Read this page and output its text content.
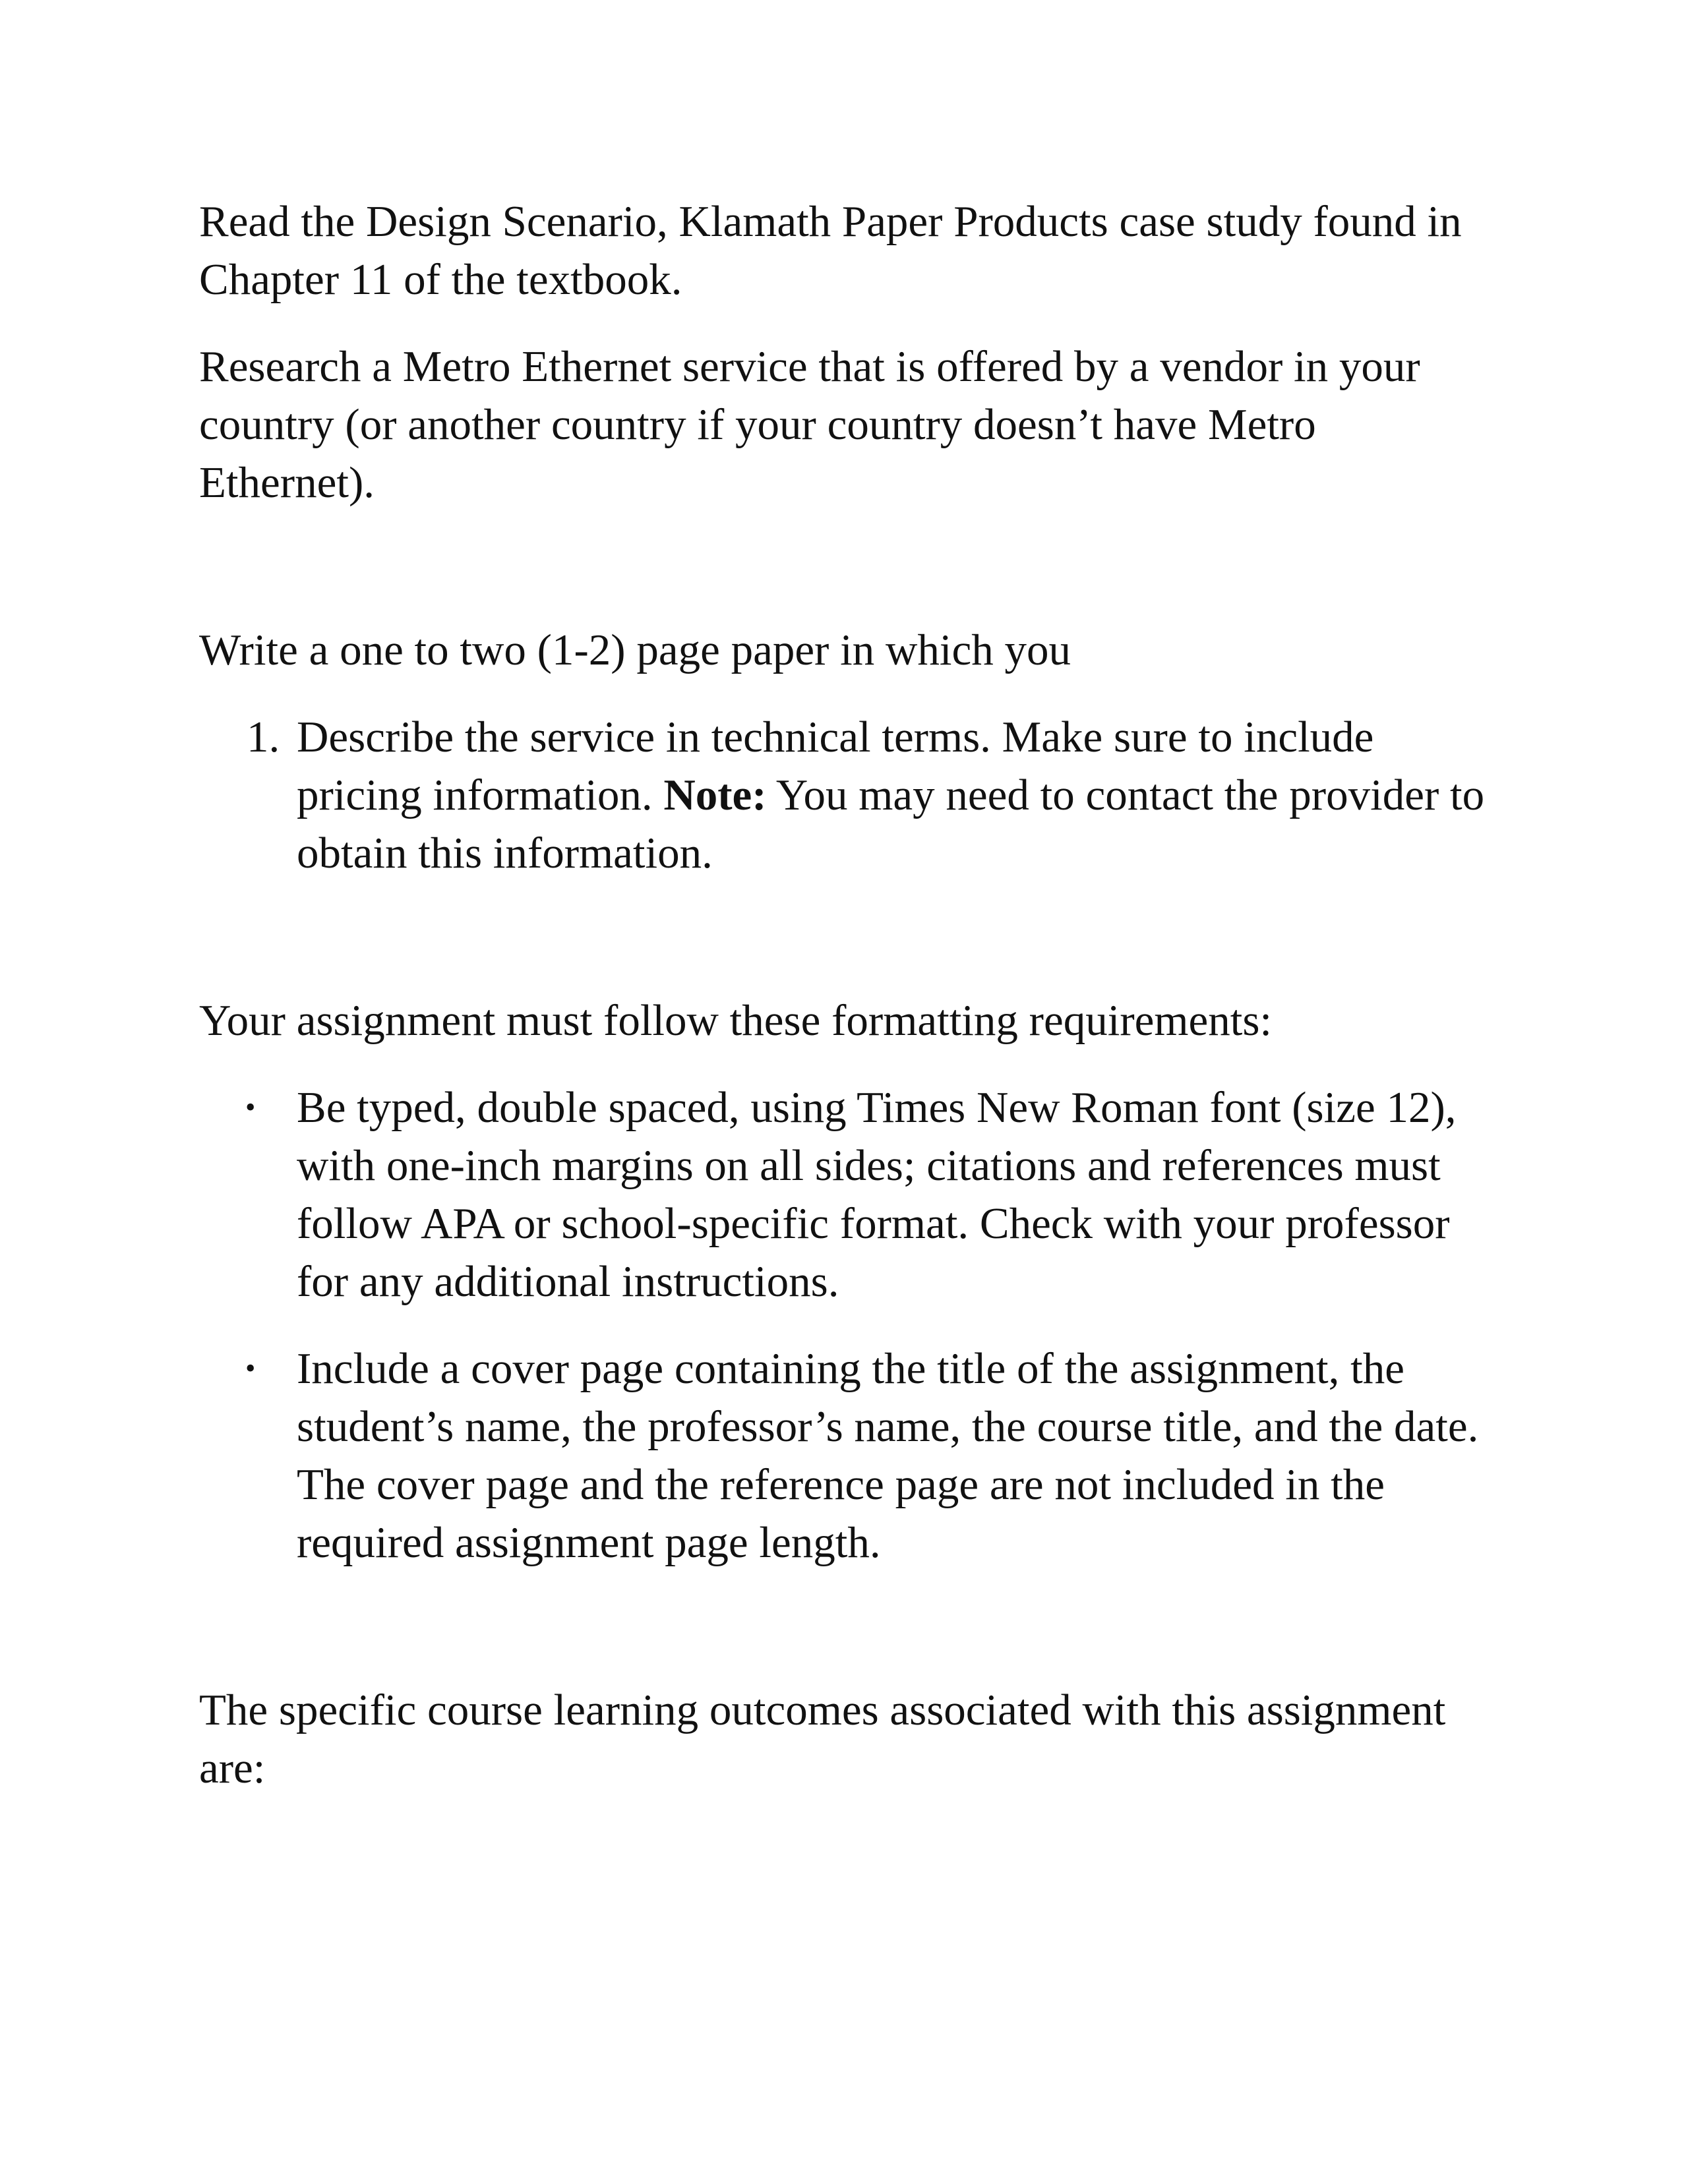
Read the Design Scenario, Klamath Paper Products case study found in Chapter 11 of the textbook.

Research a Metro Ethernet service that is offered by a vendor in your country (or another country if your country doesn’t have Metro Ethernet).

Write a one to two (1-2) page paper in which you

1. Describe the service in technical terms. Make sure to include pricing information. Note: You may need to contact the provider to obtain this information.

Your assignment must follow these formatting requirements:

• Be typed, double spaced, using Times New Roman font (size 12), with one-inch margins on all sides; citations and references must follow APA or school-specific format. Check with your professor for any additional instructions.
• Include a cover page containing the title of the assignment, the student’s name, the professor’s name, the course title, and the date. The cover page and the reference page are not included in the required assignment page length.

The specific course learning outcomes associated with this assignment are:
